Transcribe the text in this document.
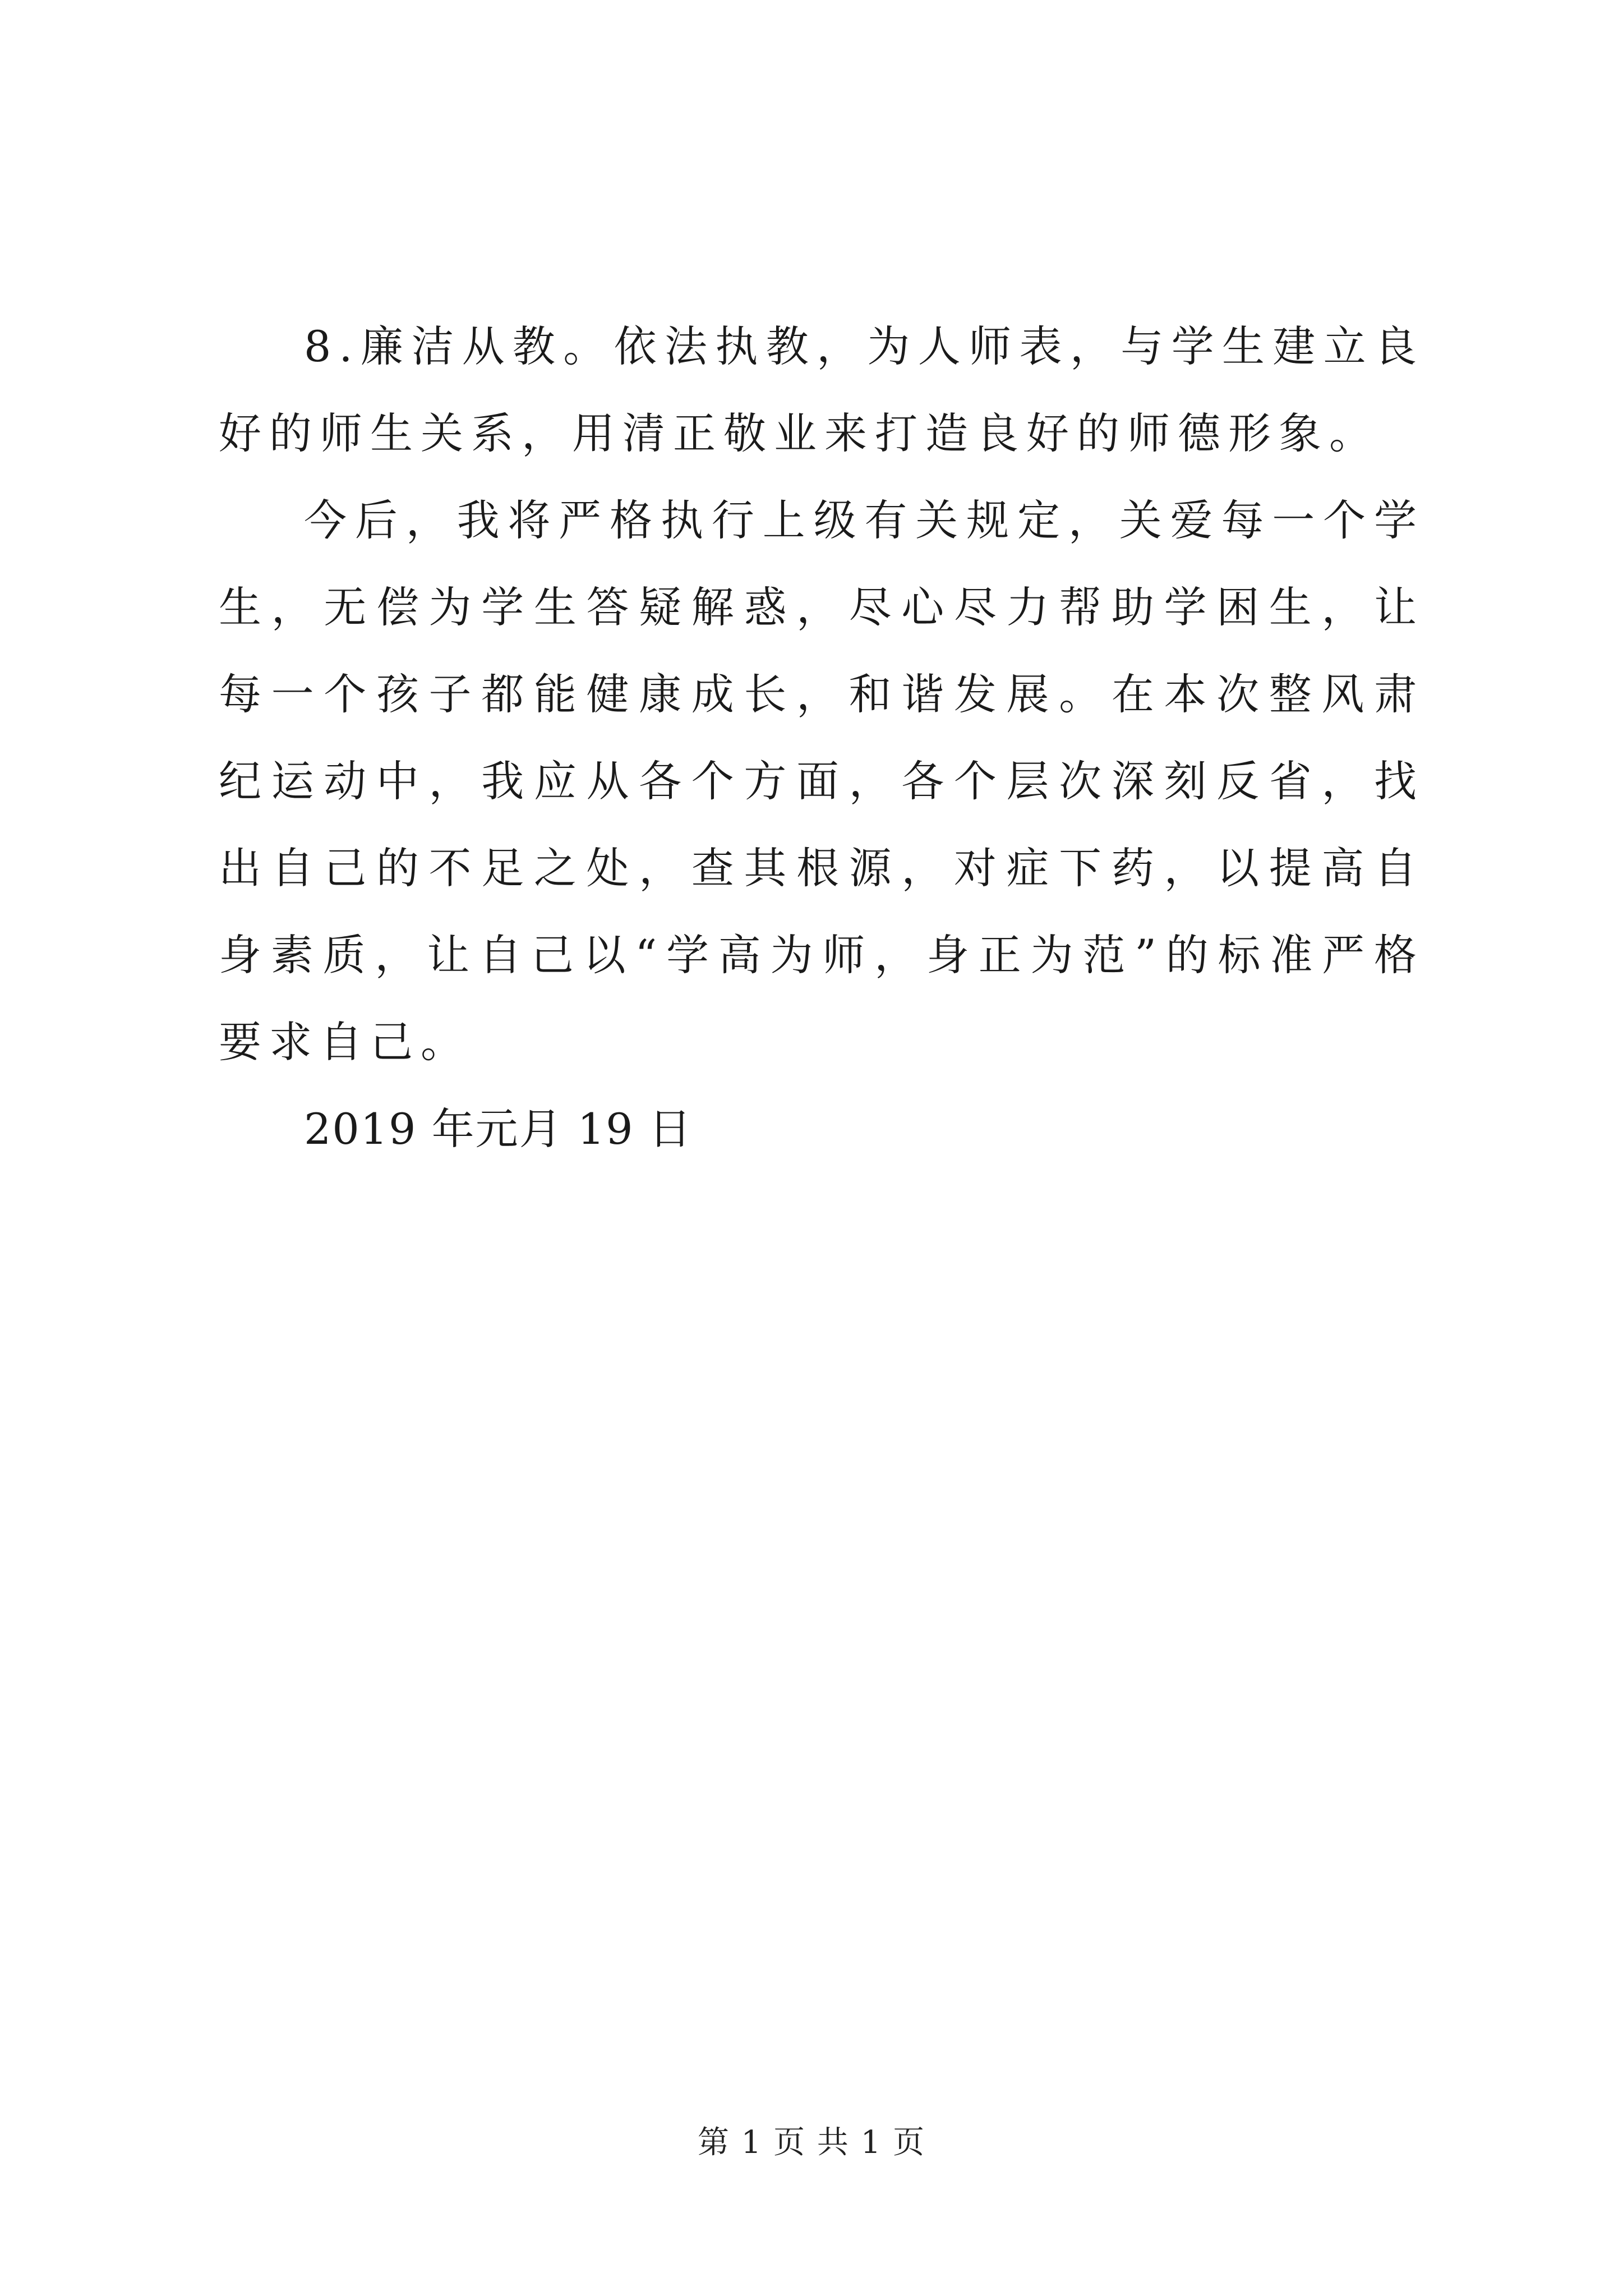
8.廉洁从教。依法执教，为人师表，与学生建立良好的师生关系，用清正敬业来打造良好的师德形象。

今后，我将严格执行上级有关规定，关爱每一个学生，无偿为学生答疑解惑，尽心尽力帮助学困生，让每一个孩子都能健康成长，和谐发展。在本次整风肃纪运动中，我应从各个方面，各个层次深刻反省，找出自己的不足之处，查其根源，对症下药，以提高自身素质，让自己以“学高为师，身正为范”的标准严格要求自己。

2019 年元月 19 日

第 1 页 共 1 页
